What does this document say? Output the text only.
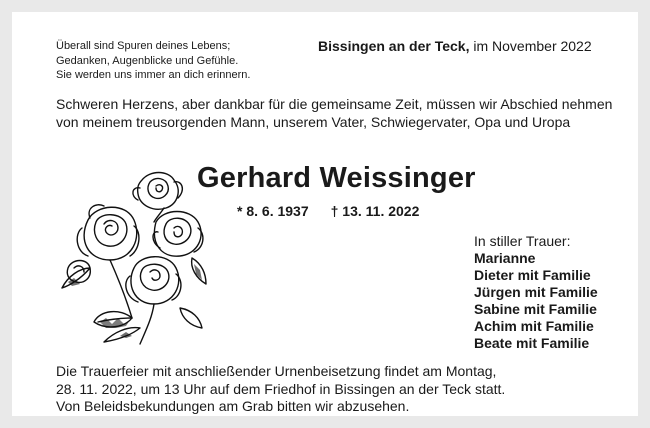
Überall sind Spuren deines Lebens;
Gedanken, Augenblicke und Gefühle.
Sie werden uns immer an dich erinnern.
Bissingen an der Teck, im November 2022
Schweren Herzens, aber dankbar für die gemeinsame Zeit, müssen wir Abschied nehmen von meinem treusorgenden Mann, unserem Vater, Schwiegervater, Opa und Uropa
Gerhard Weissinger
* 8. 6. 1937 † 13. 11. 2022
In stiller Trauer:
Marianne
Dieter mit Familie
Jürgen mit Familie
Sabine mit Familie
Achim mit Familie
Beate mit Familie
Die Trauerfeier mit anschließender Urnenbeisetzung findet am Montag,
28. 11. 2022, um 13 Uhr auf dem Friedhof in Bissingen an der Teck statt.
Von Beleidsbekundungen am Grab bitten wir abzusehen.
